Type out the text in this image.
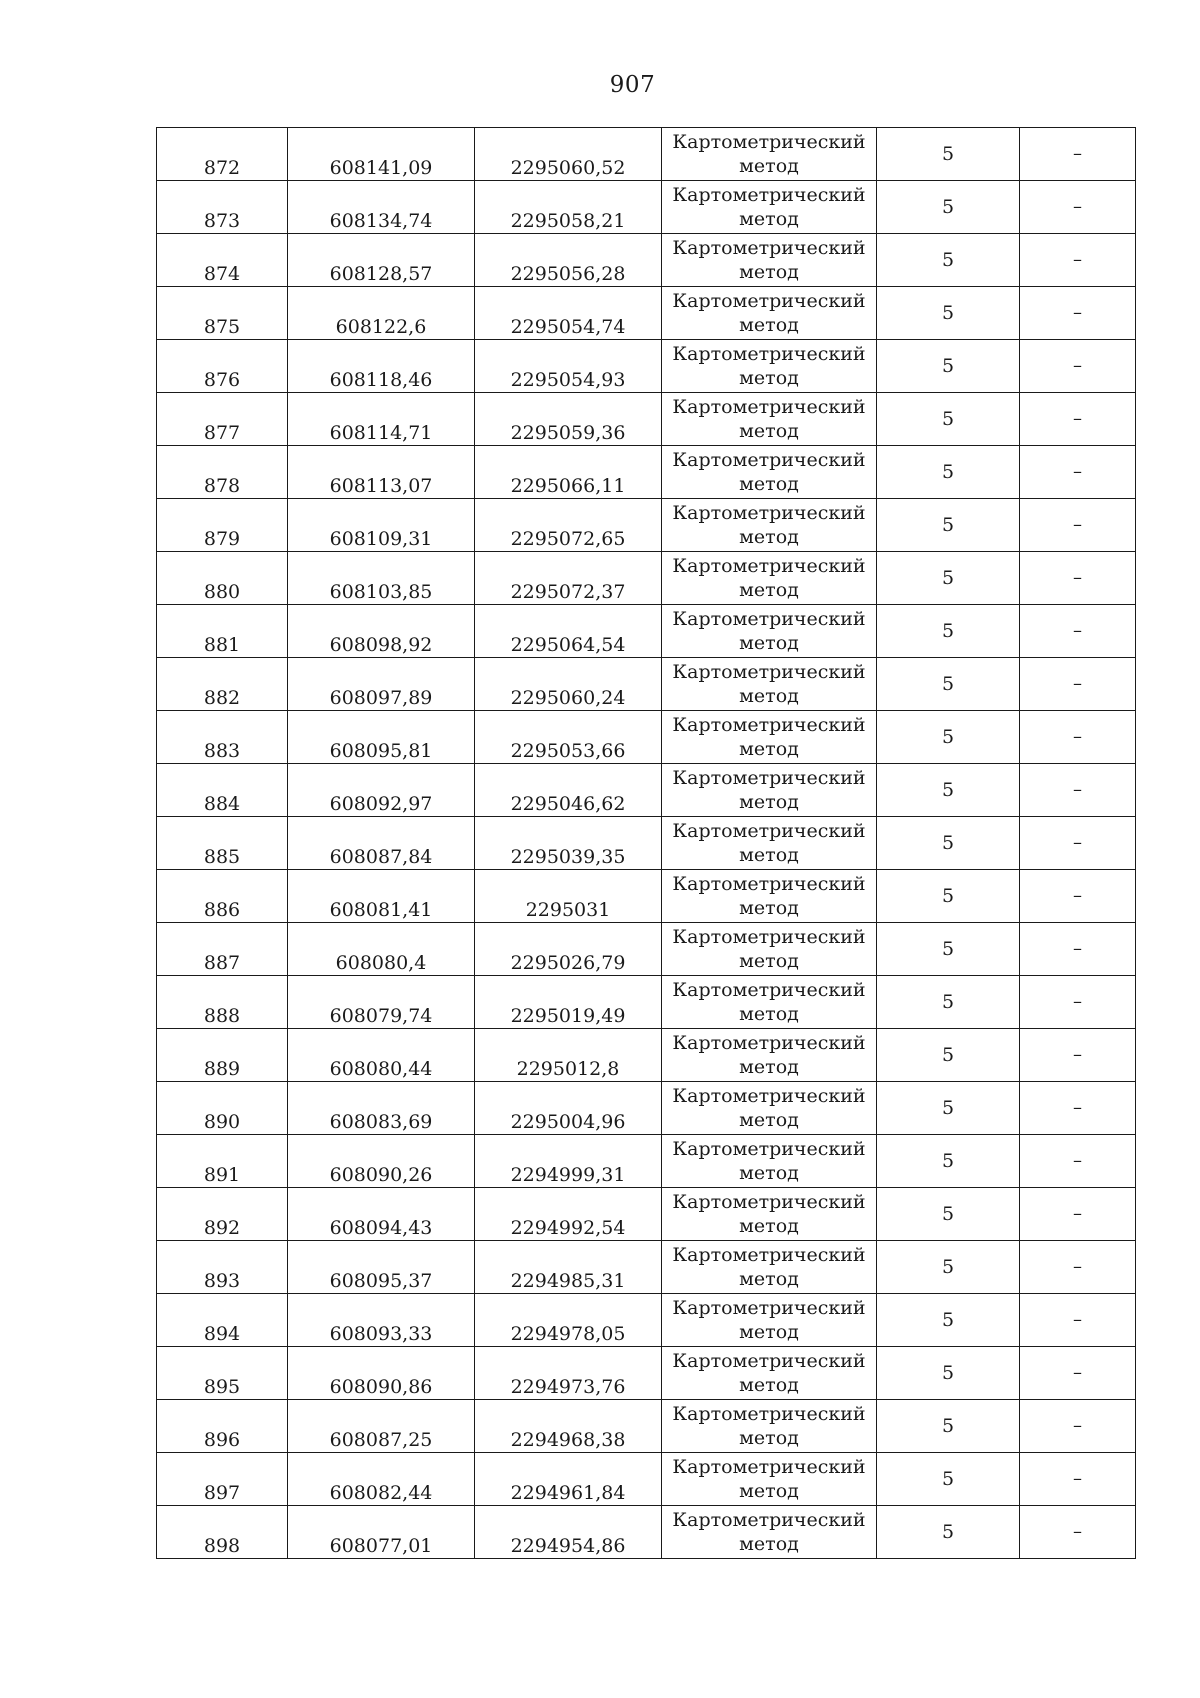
907
872	608141,09	2295060,52	Картометрический
метод	5	–
873	608134,74	2295058,21	Картометрический
метод	5	–
874	608128,57	2295056,28	Картометрический
метод	5	–
875	608122,6	2295054,74	Картометрический
метод	5	–
876	608118,46	2295054,93	Картометрический
метод	5	–
877	608114,71	2295059,36	Картометрический
метод	5	–
878	608113,07	2295066,11	Картометрический
метод	5	–
879	608109,31	2295072,65	Картометрический
метод	5	–
880	608103,85	2295072,37	Картометрический
метод	5	–
881	608098,92	2295064,54	Картометрический
метод	5	–
882	608097,89	2295060,24	Картометрический
метод	5	–
883	608095,81	2295053,66	Картометрический
метод	5	–
884	608092,97	2295046,62	Картометрический
метод	5	–
885	608087,84	2295039,35	Картометрический
метод	5	–
886	608081,41	2295031	Картометрический
метод	5	–
887	608080,4	2295026,79	Картометрический
метод	5	–
888	608079,74	2295019,49	Картометрический
метод	5	–
889	608080,44	2295012,8	Картометрический
метод	5	–
890	608083,69	2295004,96	Картометрический
метод	5	–
891	608090,26	2294999,31	Картометрический
метод	5	–
892	608094,43	2294992,54	Картометрический
метод	5	–
893	608095,37	2294985,31	Картометрический
метод	5	–
894	608093,33	2294978,05	Картометрический
метод	5	–
895	608090,86	2294973,76	Картометрический
метод	5	–
896	608087,25	2294968,38	Картометрический
метод	5	–
897	608082,44	2294961,84	Картометрический
метод	5	–
898	608077,01	2294954,86	Картометрический
метод	5	–
